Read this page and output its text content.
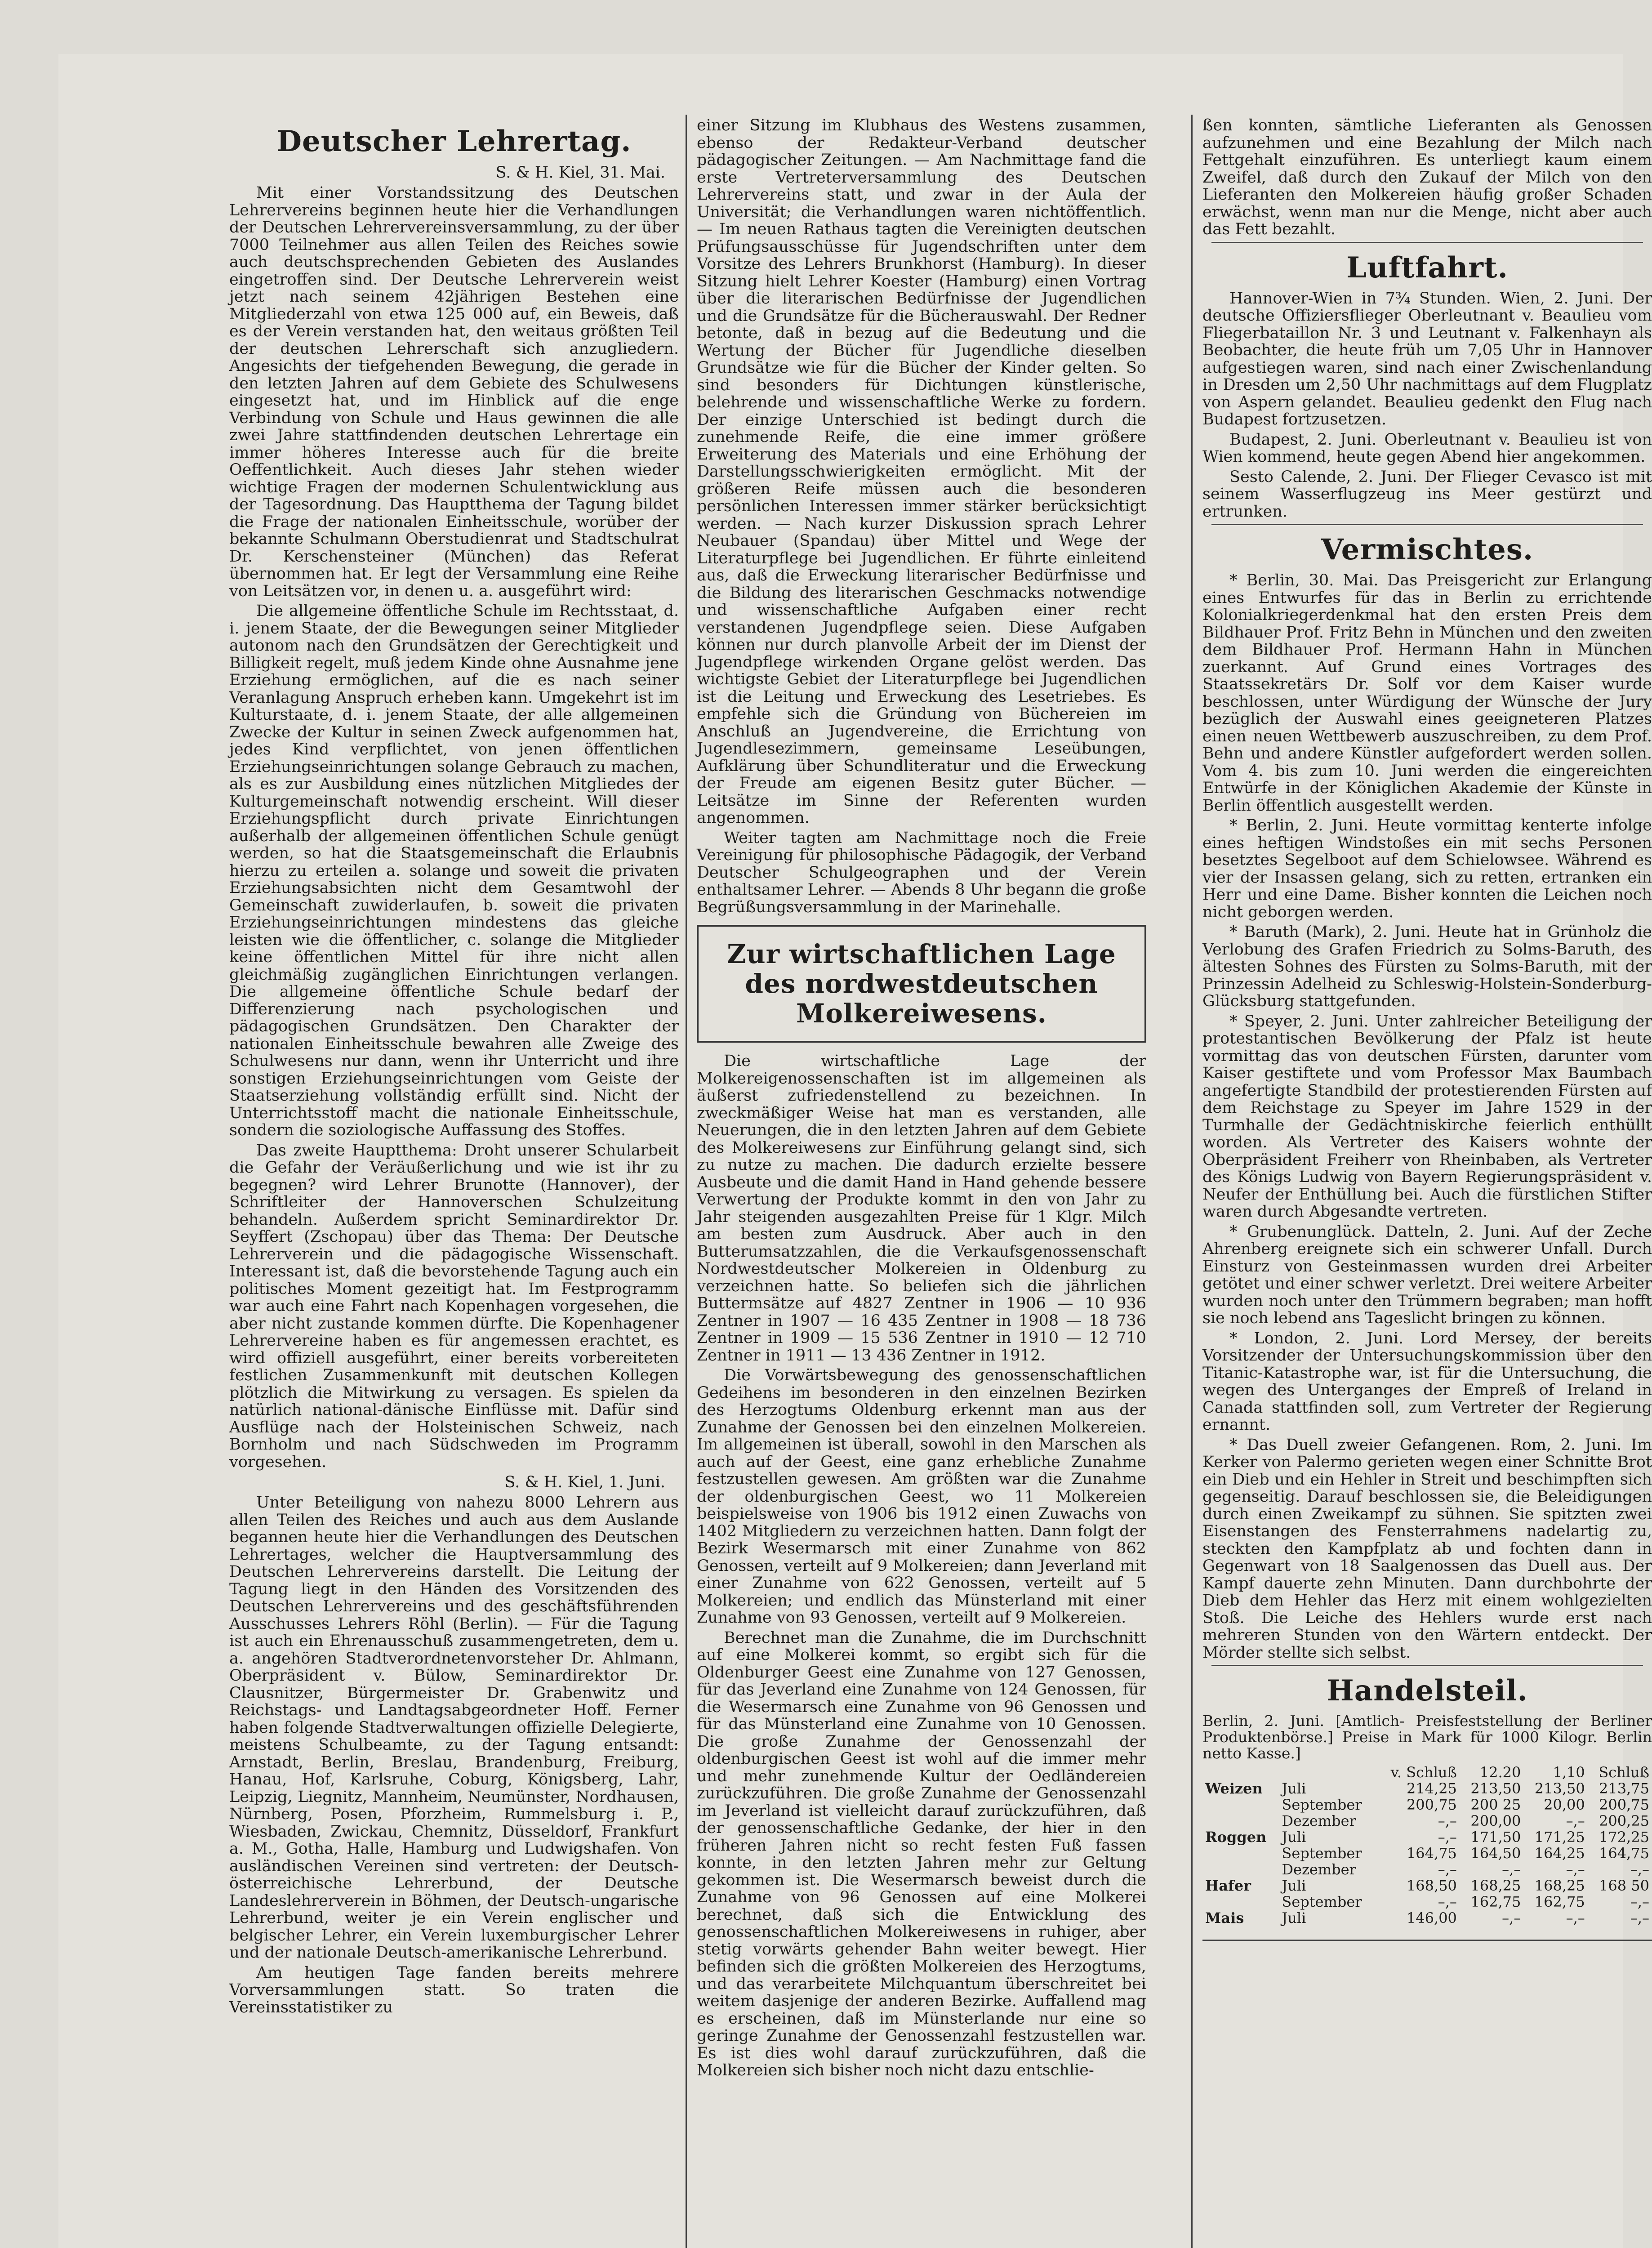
Deutscher Lehrertag.
S. & H. Kiel, 31. Mai.

Mit einer Vorstandssitzung des Deutschen Lehrervereins beginnen heute hier die Verhandlungen der Deutschen Lehrervereinsversammlung, zu der über 7000 Teilnehmer aus allen Teilen des Reiches sowie auch deutschsprechenden Gebieten des Auslandes eingetroffen sind. Der Deutsche Lehrerverein weist jetzt nach seinem 42jährigen Bestehen eine Mitgliederzahl von etwa 125 000 auf, ein Beweis, daß es der Verein verstanden hat, den weitaus größten Teil der deutschen Lehrerschaft sich anzugliedern. Angesichts der tiefgehenden Bewegung, die gerade in den letzten Jahren auf dem Gebiete des Schulwesens eingesetzt hat, und im Hinblick auf die enge Verbindung von Schule und Haus gewinnen die alle zwei Jahre stattfindenden deutschen Lehrertage ein immer höheres Interesse auch für die breite Oeffentlichkeit. Auch dieses Jahr stehen wieder wichtige Fragen der modernen Schulentwicklung aus der Tagesordnung. Das Hauptthema der Tagung bildet die Frage der nationalen Einheitsschule, worüber der bekannte Schulmann Oberstudienrat und Stadtschulrat Dr. Kerschensteiner (München) das Referat übernommen hat. Er legt der Versammlung eine Reihe von Leitsätzen vor, in denen u. a. ausgeführt wird:

Die allgemeine öffentliche Schule im Rechtsstaat, d. i. jenem Staate, der die Bewegungen seiner Mitglieder autonom nach den Grundsätzen der Gerechtigkeit und Billigkeit regelt, muß jedem Kinde ohne Ausnahme jene Erziehung ermöglichen, auf die es nach seiner Veranlagung Anspruch erheben kann. Umgekehrt ist im Kulturstaate, d. i. jenem Staate, der alle allgemeinen Zwecke der Kultur in seinen Zweck aufgenommen hat, jedes Kind verpflichtet, von jenen öffentlichen Erziehungseinrichtungen solange Gebrauch zu machen, als es zur Ausbildung eines nützlichen Mitgliedes der Kulturgemeinschaft notwendig erscheint. Will dieser Erziehungspflicht durch private Einrichtungen außerhalb der allgemeinen öffentlichen Schule genügt werden, so hat die Staatsgemeinschaft die Erlaubnis hierzu zu erteilen a. solange und soweit die privaten Erziehungsabsichten nicht dem Gesamtwohl der Gemeinschaft zuwiderlaufen, b. soweit die privaten Erziehungseinrichtungen mindestens das gleiche leisten wie die öffentlicher, c. solange die Mitglieder keine öffentlichen Mittel für ihre nicht allen gleichmäßig zugänglichen Einrichtungen verlangen. Die allgemeine öffentliche Schule bedarf der Differenzierung nach psychologischen und pädagogischen Grundsätzen. Den Charakter der nationalen Einheitsschule bewahren alle Zweige des Schulwesens nur dann, wenn ihr Unterricht und ihre sonstigen Erziehungseinrichtungen vom Geiste der Staatserziehung vollständig erfüllt sind. Nicht der Unterrichtsstoff macht die nationale Einheitsschule, sondern die soziologische Auffassung des Stoffes.

Das zweite Hauptthema: Droht unserer Schularbeit die Gefahr der Veräußerlichung und wie ist ihr zu begegnen? wird Lehrer Brunotte (Hannover), der Schriftleiter der Hannoverschen Schulzeitung behandeln. Außerdem spricht Seminardirektor Dr. Seyffert (Zschopau) über das Thema: Der Deutsche Lehrerverein und die pädagogische Wissenschaft. Interessant ist, daß die bevorstehende Tagung auch ein politisches Moment gezeitigt hat. Im Festprogramm war auch eine Fahrt nach Kopenhagen vorgesehen, die aber nicht zustande kommen dürfte. Die Kopenhagener Lehrervereine haben es für angemessen erachtet, es wird offiziell ausgeführt, einer bereits vorbereiteten festlichen Zusammenkunft mit deutschen Kollegen plötzlich die Mitwirkung zu versagen. Es spielen da natürlich national-dänische Einflüsse mit. Dafür sind Ausflüge nach der Holsteinischen Schweiz, nach Bornholm und nach Südschweden im Programm vorgesehen.

S. & H. Kiel, 1. Juni.

Unter Beteiligung von nahezu 8000 Lehrern aus allen Teilen des Reiches und auch aus dem Auslande begannen heute hier die Verhandlungen des Deutschen Lehrertages, welcher die Hauptversammlung des Deutschen Lehrervereins darstellt. Die Leitung der Tagung liegt in den Händen des Vorsitzenden des Deutschen Lehrervereins und des geschäftsführenden Ausschusses Lehrers Röhl (Berlin). — Für die Tagung ist auch ein Ehrenausschuß zusammengetreten, dem u. a. angehören Stadtverordnetenvorsteher Dr. Ahlmann, Oberpräsident v. Bülow, Seminardirektor Dr. Clausnitzer, Bürgermeister Dr. Grabenwitz und Reichstags- und Landtagsabgeordneter Hoff. Ferner haben folgende Stadtverwaltungen offizielle Delegierte, meistens Schulbeamte, zu der Tagung entsandt: Arnstadt, Berlin, Breslau, Brandenburg, Freiburg, Hanau, Hof, Karlsruhe, Coburg, Königsberg, Lahr, Leipzig, Liegnitz, Mannheim, Neumünster, Nordhausen, Nürnberg, Posen, Pforzheim, Rummelsburg i. P., Wiesbaden, Zwickau, Chemnitz, Düsseldorf, Frankfurt a. M., Gotha, Halle, Hamburg und Ludwigshafen. Von ausländischen Vereinen sind vertreten: der Deutsch-österreichische Lehrerbund, der Deutsche Landeslehrerverein in Böhmen, der Deutsch-ungarische Lehrerbund, weiter je ein Verein englischer und belgischer Lehrer, ein Verein luxemburgischer Lehrer und der nationale Deutsch-amerikanische Lehrerbund.

Am heutigen Tage fanden bereits mehrere Vorversammlungen statt. So traten die Vereinsstatistiker zu

einer Sitzung im Klubhaus des Westens zusammen, ebenso der Redakteur-Verband deutscher pädagogischer Zeitungen. — Am Nachmittage fand die erste Vertreterversammlung des Deutschen Lehrervereins statt, und zwar in der Aula der Universität; die Verhandlungen waren nichtöffentlich. — Im neuen Rathaus tagten die Vereinigten deutschen Prüfungsausschüsse für Jugendschriften unter dem Vorsitze des Lehrers Brunkhorst (Hamburg). In dieser Sitzung hielt Lehrer Koester (Hamburg) einen Vortrag über die literarischen Bedürfnisse der Jugendlichen und die Grundsätze für die Bücherauswahl. Der Redner betonte, daß in bezug auf die Bedeutung und die Wertung der Bücher für Jugendliche dieselben Grundsätze wie für die Bücher der Kinder gelten. So sind besonders für Dichtungen künstlerische, belehrende und wissenschaftliche Werke zu fordern. Der einzige Unterschied ist bedingt durch die zunehmende Reife, die eine immer größere Erweiterung des Materials und eine Erhöhung der Darstellungsschwierigkeiten ermöglicht. Mit der größeren Reife müssen auch die besonderen persönlichen Interessen immer stärker berücksichtigt werden. — Nach kurzer Diskussion sprach Lehrer Neubauer (Spandau) über Mittel und Wege der Literaturpflege bei Jugendlichen. Er führte einleitend aus, daß die Erweckung literarischer Bedürfnisse und die Bildung des literarischen Geschmacks notwendige und wissenschaftliche Aufgaben einer recht verstandenen Jugendpflege seien. Diese Aufgaben können nur durch planvolle Arbeit der im Dienst der Jugendpflege wirkenden Organe gelöst werden. Das wichtigste Gebiet der Literaturpflege bei Jugendlichen ist die Leitung und Erweckung des Lesetriebes. Es empfehle sich die Gründung von Büchereien im Anschluß an Jugendvereine, die Errichtung von Jugendlesezimmern, gemeinsame Leseübungen, Aufklärung über Schundliteratur und die Erweckung der Freude am eigenen Besitz guter Bücher. — Leitsätze im Sinne der Referenten wurden angenommen.

Weiter tagten am Nachmittage noch die Freie Vereinigung für philosophische Pädagogik, der Verband Deutscher Schulgeographen und der Verein enthaltsamer Lehrer. — Abends 8 Uhr begann die große Begrüßungsversammlung in der Marinehalle.

Zur wirtschaftlichen Lage des nordwestdeutschen Molkereiwesens.

Die wirtschaftliche Lage der Molkereigenossenschaften ist im allgemeinen als äußerst zufriedenstellend zu bezeichnen. In zweckmäßiger Weise hat man es verstanden, alle Neuerungen, die in den letzten Jahren auf dem Gebiete des Molkereiwesens zur Einführung gelangt sind, sich zu nutze zu machen. Die dadurch erzielte bessere Ausbeute und die damit Hand in Hand gehende bessere Verwertung der Produkte kommt in den von Jahr zu Jahr steigenden ausgezahlten Preise für 1 Klgr. Milch am besten zum Ausdruck. Aber auch in den Butterumsatzzahlen, die die Verkaufsgenossenschaft Nordwestdeutscher Molkereien in Oldenburg zu verzeichnen hatte. So beliefen sich die jährlichen Buttermsätze auf 4827 Zentner in 1906 — 10 936 Zentner in 1907 — 16 435 Zentner in 1908 — 18 736 Zentner in 1909 — 15 536 Zentner in 1910 — 12 710 Zentner in 1911 — 13 436 Zentner in 1912.

Die Vorwärtsbewegung des genossenschaftlichen Gedeihens im besonderen in den einzelnen Bezirken des Herzogtums Oldenburg erkennt man aus der Zunahme der Genossen bei den einzelnen Molkereien. Im allgemeinen ist überall, sowohl in den Marschen als auch auf der Geest, eine ganz erhebliche Zunahme festzustellen gewesen. Am größten war die Zunahme der oldenburgischen Geest, wo 11 Molkereien beispielsweise von 1906 bis 1912 einen Zuwachs von 1402 Mitgliedern zu verzeichnen hatten. Dann folgt der Bezirk Wesermarsch mit einer Zunahme von 862 Genossen, verteilt auf 9 Molkereien; dann Jeverland mit einer Zunahme von 622 Genossen, verteilt auf 5 Molkereien; und endlich das Münsterland mit einer Zunahme von 93 Genossen, verteilt auf 9 Molkereien.

Berechnet man die Zunahme, die im Durchschnitt auf eine Molkerei kommt, so ergibt sich für die Oldenburger Geest eine Zunahme von 127 Genossen, für das Jeverland eine Zunahme von 124 Genossen, für die Wesermarsch eine Zunahme von 96 Genossen und für das Münsterland eine Zunahme von 10 Genossen. Die große Zunahme der Genossenzahl der oldenburgischen Geest ist wohl auf die immer mehr und mehr zunehmende Kultur der Oedländereien zurückzuführen. Die große Zunahme der Genossenzahl im Jeverland ist vielleicht darauf zurückzuführen, daß der genossenschaftliche Gedanke, der hier in den früheren Jahren nicht so recht festen Fuß fassen konnte, in den letzten Jahren mehr zur Geltung gekommen ist. Die Wesermarsch beweist durch die Zunahme von 96 Genossen auf eine Molkerei berechnet, daß sich die Entwicklung des genossenschaftlichen Molkereiwesens in ruhiger, aber stetig vorwärts gehender Bahn weiter bewegt. Hier befinden sich die größten Molkereien des Herzogtums, und das verarbeitete Milchquantum überschreitet bei weitem dasjenige der anderen Bezirke. Auffallend mag es erscheinen, daß im Münsterlande nur eine so geringe Zunahme der Genossenzahl festzustellen war. Es ist dies wohl darauf zurückzuführen, daß die Molkereien sich bisher noch nicht dazu entschlie-

ßen konnten, sämtliche Lieferanten als Genossen aufzunehmen und eine Bezahlung der Milch nach Fettgehalt einzuführen. Es unterliegt kaum einem Zweifel, daß durch den Zukauf der Milch von den Lieferanten den Molkereien häufig großer Schaden erwächst, wenn man nur die Menge, nicht aber auch das Fett bezahlt.

Luftfahrt.

Hannover-Wien in 7¾ Stunden. Wien, 2. Juni. Der deutsche Offiziersflieger Oberleutnant v. Beaulieu vom Fliegerbataillon Nr. 3 und Leutnant v. Falkenhayn als Beobachter, die heute früh um 7,05 Uhr in Hannover aufgestiegen waren, sind nach einer Zwischenlandung in Dresden um 2,50 Uhr nachmittags auf dem Flugplatz von Aspern gelandet. Beaulieu gedenkt den Flug nach Budapest fortzusetzen.

Budapest, 2. Juni. Oberleutnant v. Beaulieu ist von Wien kommend, heute gegen Abend hier angekommen.

Sesto Calende, 2. Juni. Der Flieger Cevasco ist mit seinem Wasserflugzeug ins Meer gestürzt und ertrunken.

Vermischtes.

* Berlin, 30. Mai. Das Preisgericht zur Erlangung eines Entwurfes für das in Berlin zu errichtende Kolonialkriegerdenkmal hat den ersten Preis dem Bildhauer Prof. Fritz Behn in München und den zweiten dem Bildhauer Prof. Hermann Hahn in München zuerkannt. Auf Grund eines Vortrages des Staatssekretärs Dr. Solf vor dem Kaiser wurde beschlossen, unter Würdigung der Wünsche der Jury bezüglich der Auswahl eines geeigneteren Platzes einen neuen Wettbewerb auszuschreiben, zu dem Prof. Behn und andere Künstler aufgefordert werden sollen. Vom 4. bis zum 10. Juni werden die eingereichten Entwürfe in der Königlichen Akademie der Künste in Berlin öffentlich ausgestellt werden.

* Berlin, 2. Juni. Heute vormittag kenterte infolge eines heftigen Windstoßes ein mit sechs Personen besetztes Segelboot auf dem Schielowsee. Während es vier der Insassen gelang, sich zu retten, ertranken ein Herr und eine Dame. Bisher konnten die Leichen noch nicht geborgen werden.

* Baruth (Mark), 2. Juni. Heute hat in Grünholz die Verlobung des Grafen Friedrich zu Solms-Baruth, des ältesten Sohnes des Fürsten zu Solms-Baruth, mit der Prinzessin Adelheid zu Schleswig-Holstein-Sonderburg-Glücksburg stattgefunden.

* Speyer, 2. Juni. Unter zahlreicher Beteiligung der protestantischen Bevölkerung der Pfalz ist heute vormittag das von deutschen Fürsten, darunter vom Kaiser gestiftete und vom Professor Max Baumbach angefertigte Standbild der protestierenden Fürsten auf dem Reichstage zu Speyer im Jahre 1529 in der Turmhalle der Gedächtniskirche feierlich enthüllt worden. Als Vertreter des Kaisers wohnte der Oberpräsident Freiherr von Rheinbaben, als Vertreter des Königs Ludwig von Bayern Regierungspräsident v. Neufer der Enthüllung bei. Auch die fürstlichen Stifter waren durch Abgesandte vertreten.

* Grubenunglück. Datteln, 2. Juni. Auf der Zeche Ahrenberg ereignete sich ein schwerer Unfall. Durch Einsturz von Gesteinmassen wurden drei Arbeiter getötet und einer schwer verletzt. Drei weitere Arbeiter wurden noch unter den Trümmern begraben; man hofft sie noch lebend ans Tageslicht bringen zu können.

* London, 2. Juni. Lord Mersey, der bereits Vorsitzender der Untersuchungskommission über den Titanic-Katastrophe war, ist für die Untersuchung, die wegen des Unterganges der Empreß of Ireland in Canada stattfinden soll, zum Vertreter der Regierung ernannt.

* Das Duell zweier Gefangenen. Rom, 2. Juni. Im Kerker von Palermo gerieten wegen einer Schnitte Brot ein Dieb und ein Hehler in Streit und beschimpften sich gegenseitig. Darauf beschlossen sie, die Beleidigungen durch einen Zweikampf zu sühnen. Sie spitzten zwei Eisenstangen des Fensterrahmens nadelartig zu, steckten den Kampfplatz ab und fochten dann in Gegenwart von 18 Saalgenossen das Duell aus. Der Kampf dauerte zehn Minuten. Dann durchbohrte der Dieb dem Hehler das Herz mit einem wohlgezielten Stoß. Die Leiche des Hehlers wurde erst nach mehreren Stunden von den Wärtern entdeckt. Der Mörder stellte sich selbst.

Handelsteil.

Berlin, 2. Juni. [Amtlich- Preisfeststellung der Berliner Produktenbörse.] Preise in Mark für 1000 Kilogr. Berlin netto Kasse.]

		v. Schluß	12.20	1,10	Schluß
Weizen	Juli	214,25	213,50	213,50	213,75
	September	200,75	200 25	20,00	200,75
	Dezember	–,–	200,00	–,–	200,25
Roggen	Juli	–,–	171,50	171,25	172,25
	September	164,75	164,50	164,25	164,75
	Dezember	–,–	–,–	–,–	–,–
Hafer	Juli	168,50	168,25	168,25	168 50
	September	–,–	162,75	162,75	–,–
Mais	Juli	146,00	–,–	–,–	–,–
